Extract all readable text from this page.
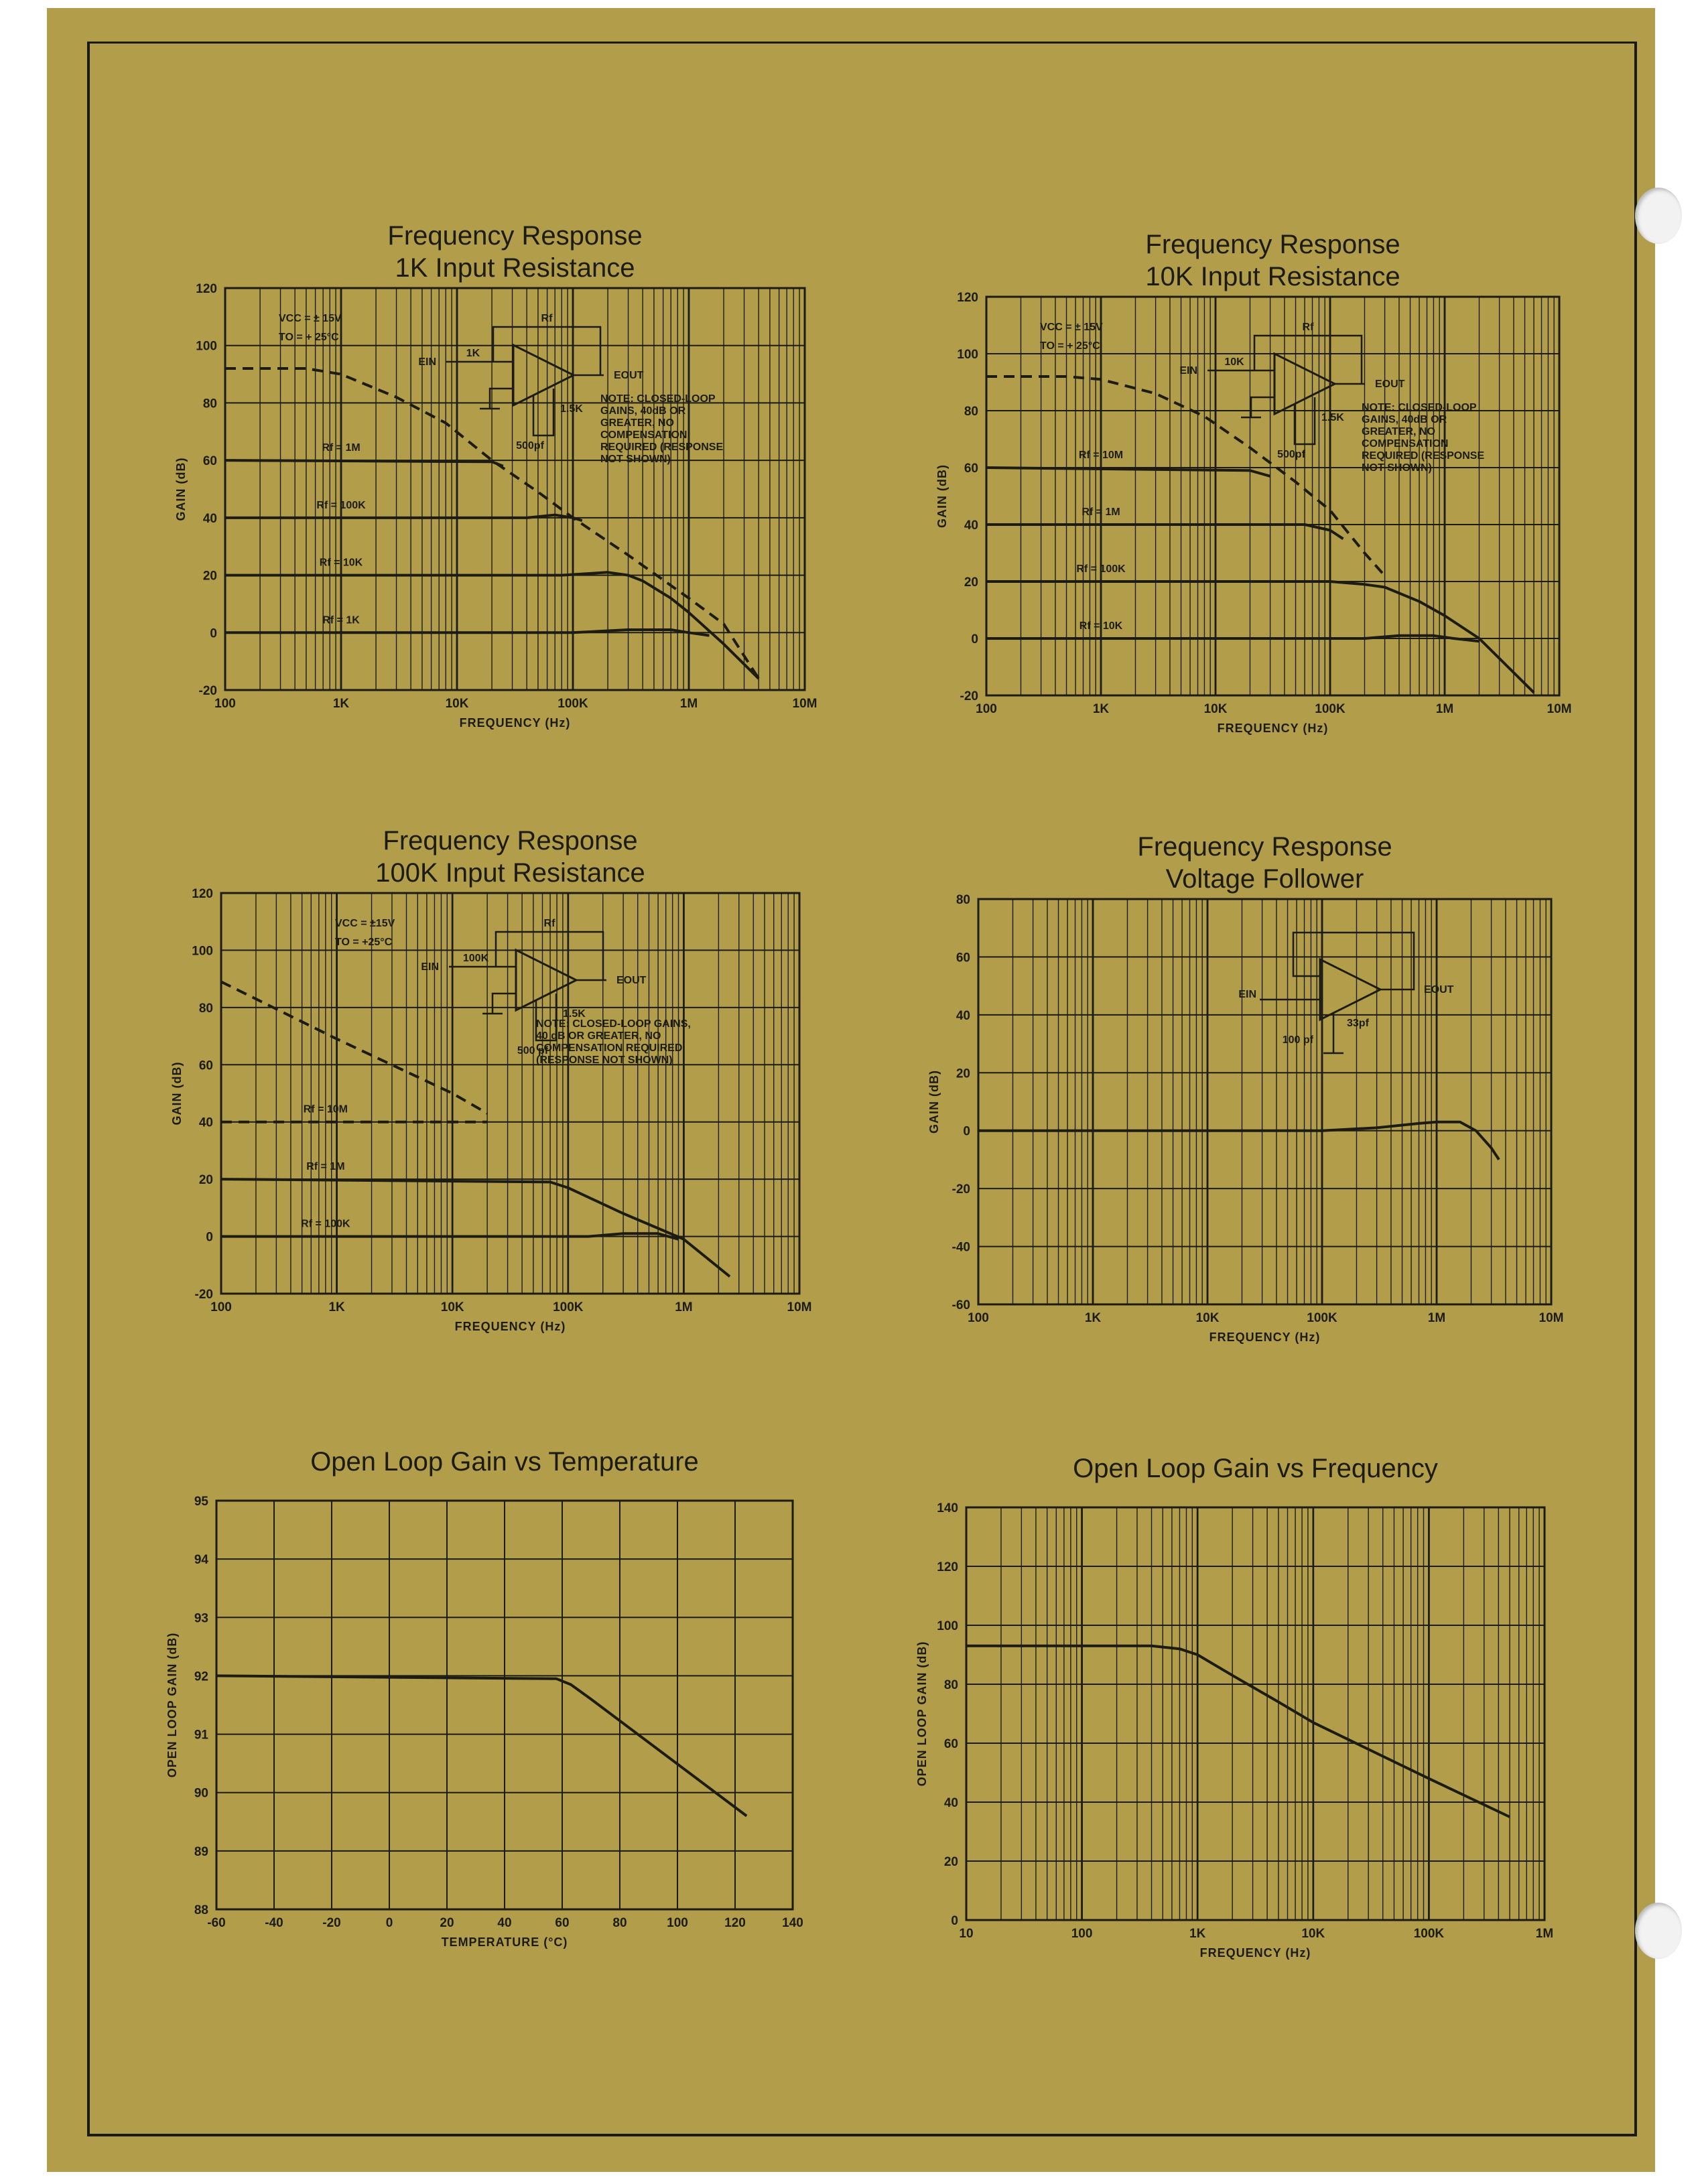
Frequency Response
1K Input Resistance
-20
0
20
40
60
80
100
120
100	1K	10K	100K	1M	10M
FREQUENCY (Hz)
GAIN (dB)
VCC = ± 15V
TO = + 25°C
NOTE: CLOSED-LOOP
GAINS, 40dB OR
GREATER, NO
COMPENSATION
REQUIRED (RESPONSE
NOT SHOWN)
EIN
1K
Rf
EOUT
500pf
1.5K
Rf = 1M
Rf = 100K
Rf = 10K
Rf = 1K
Frequency Response
10K Input Resistance
-20
0
20
40
60
80
100
120
100	1K	10K	100K	1M	10M
FREQUENCY (Hz)
GAIN (dB)
VCC = ± 15V
TO = + 25°C
NOTE: CLOSED-LOOP
GAINS, 40dB OR
GREATER, NO
COMPENSATION
REQUIRED (RESPONSE
NOT SHOWN)
EIN
10K
Rf
EOUT
500pf
1.5K
Rf = 10M
Rf = 1M
Rf = 100K
Rf = 10K
Frequency Response
100K Input Resistance
-20
0
20
40
60
80
100
120
100	1K	10K	100K	1M	10M
FREQUENCY (Hz)
GAIN (dB)
VCC = ±15V
TO = +25°C
NOTE: CLOSED-LOOP GAINS,
40 dB OR GREATER, NO
COMPENSATION REQUIRED
(RESPONSE NOT SHOWN)
EIN
100K
Rf
EOUT
500 pf
1.5K
Rf = 10M
Rf = 1M
Rf = 100K
Frequency Response
Voltage Follower
-60
-40
-20
0
20
40
60
80
100	1K	10K	100K	1M	10M
FREQUENCY (Hz)
GAIN (dB)
EIN	EOUT
100 pf
33pf
Open Loop Gain vs Temperature
88
89
90
91
92
93
94
95
-60	-40	-20	0	20	40	60	80	100	120	140
TEMPERATURE (°C)
OPEN LOOP GAIN (dB)
Open Loop Gain vs Frequency
0
20
40
60
80
100
120
140
10	100	1K	10K	100K	1M
FREQUENCY (Hz)
OPEN LOOP GAIN (dB)
